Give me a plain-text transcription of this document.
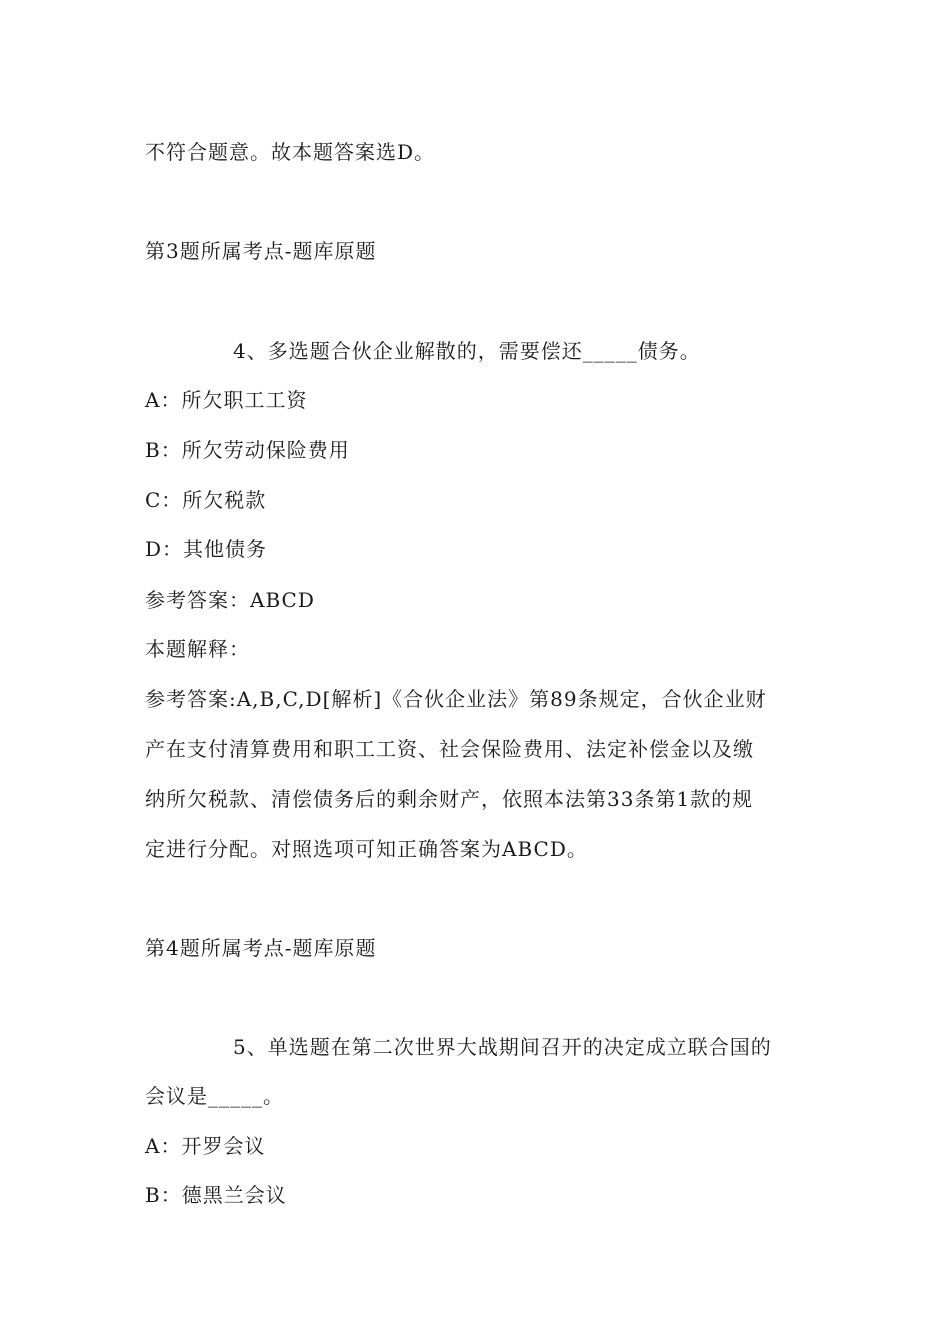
不符合题意。故本题答案选D。
第3题所属考点-题库原题
4、多选题合伙企业解散的，需要偿还_____债务。
A：所欠职工工资
B：所欠劳动保险费用
C：所欠税款
D：其他债务
参考答案：ABCD
本题解释：
参考答案:A,B,C,D[解析]《合伙企业法》第89条规定，合伙企业财
产在支付清算费用和职工工资、社会保险费用、法定补偿金以及缴
纳所欠税款、清偿债务后的剩余财产，依照本法第33条第1款的规
定进行分配。对照选项可知正确答案为ABCD。
第4题所属考点-题库原题
5、单选题在第二次世界大战期间召开的决定成立联合国的
会议是_____。
A：开罗会议
B：德黑兰会议
